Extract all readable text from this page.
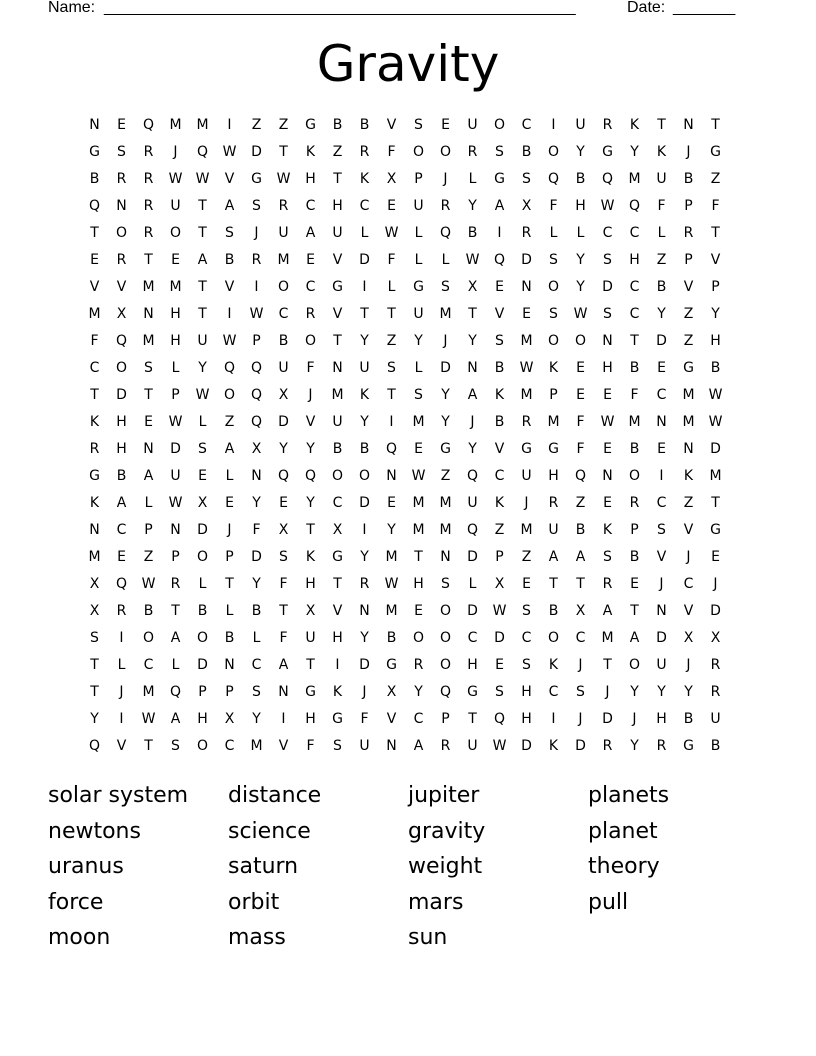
Name: _____________________________________________________	Date: _______
Gravity
N	E	Q	M	M	I	Z	Z	G	B	B	V	S	E	U	O	C	I	U	R	K	T	N	T
G	S	R	J	Q	W	D	T	K	Z	R	F	O	O	R	S	B	O	Y	G	Y	K	J	G
B	R	R	W W	V	G	W	H	T	K	X	P	J	L	G	S	Q	B	Q	M	U	B	Z
Q	N	R	U	T	A	S	R	C	H	C	E	U	R	Y	A	X	F	H	W	Q	F	P	F
T	O	R	O	T	S	J	U	A	U	L	W	L	Q	B	I	R	L	L	C	C	L	R	T
E	R	T	E	A	B	R	M	E	V	D	F	L	L	W	Q	D	S	Y	S	H	Z	P	V
V	V	M	M	T	V	I	O	C	G	I	L	G	S	X	E	N	O	Y	D	C	B	V	P
M	X	N	H	T	I	W	C	R	V	T	T	U	M	T	V	E	S	W	S	C	Y	Z	Y
F	Q	M	H	U	W	P	B	O	T	Y	Z	Y	J	Y	S	M	O	O	N	T	D	Z	H
C	O	S	L	Y	Q	Q	U	F	N	U	S	L	D	N	B	W	K	E	H	B	E	G	B
T	D	T	P	W	O	Q	X	J	M	K	T	S	Y	A	K	M	P	E	E	F	C	M	W
K	H	E	W	L	Z	Q	D	V	U	Y	I	M	Y	J	B	R	M	F	W	M	N	M	W
R	H	N	D	S	A	X	Y	Y	B	B	Q	E	G	Y	V	G	G	F	E	B	E	N	D
G	B	A	U	E	L	N	Q	Q	O	O	N	W	Z	Q	C	U	H	Q	N	O	I	K	M
K	A	L	W	X	E	Y	E	Y	C	D	E	M	M	U	K	J	R	Z	E	R	C	Z	T
N	C	P	N	D	J	F	X	T	X	I	Y	M	M	Q	Z	M	U	B	K	P	S	V	G
M	E	Z	P	O	P	D	S	K	G	Y	M	T	N	D	P	Z	A	A	S	B	V	J	E
X	Q	W	R	L	T	Y	F	H	T	R	W	H	S	L	X	E	T	T	R	E	J	C	J
X	R	B	T	B	L	B	T	X	V	N	M	E	O	D	W	S	B	X	A	T	N	V	D
S	I	O	A	O	B	L	F	U	H	Y	B	O	O	C	D	C	O	C	M	A	D	X	X
T	L	C	L	D	N	C	A	T	I	D	G	R	O	H	E	S	K	J	T	O	U	J	R
T	J	M	Q	P	P	S	N	G	K	J	X	Y	Q	G	S	H	C	S	J	Y	Y	Y	R
Y	I	W	A	H	X	Y	I	H	G	F	V	C	P	T	Q	H	I	J	D	J	H	B	U
Q	V	T	S	O	C	M	V	F	S	U	N	A	R	U	W	D	K	D	R	Y	R	G	B
solar system	distance	jupiter	planets
newtons	science	gravity	planet
uranus	saturn	weight	theory
force	orbit	mars	pull
moon	mass	sun
